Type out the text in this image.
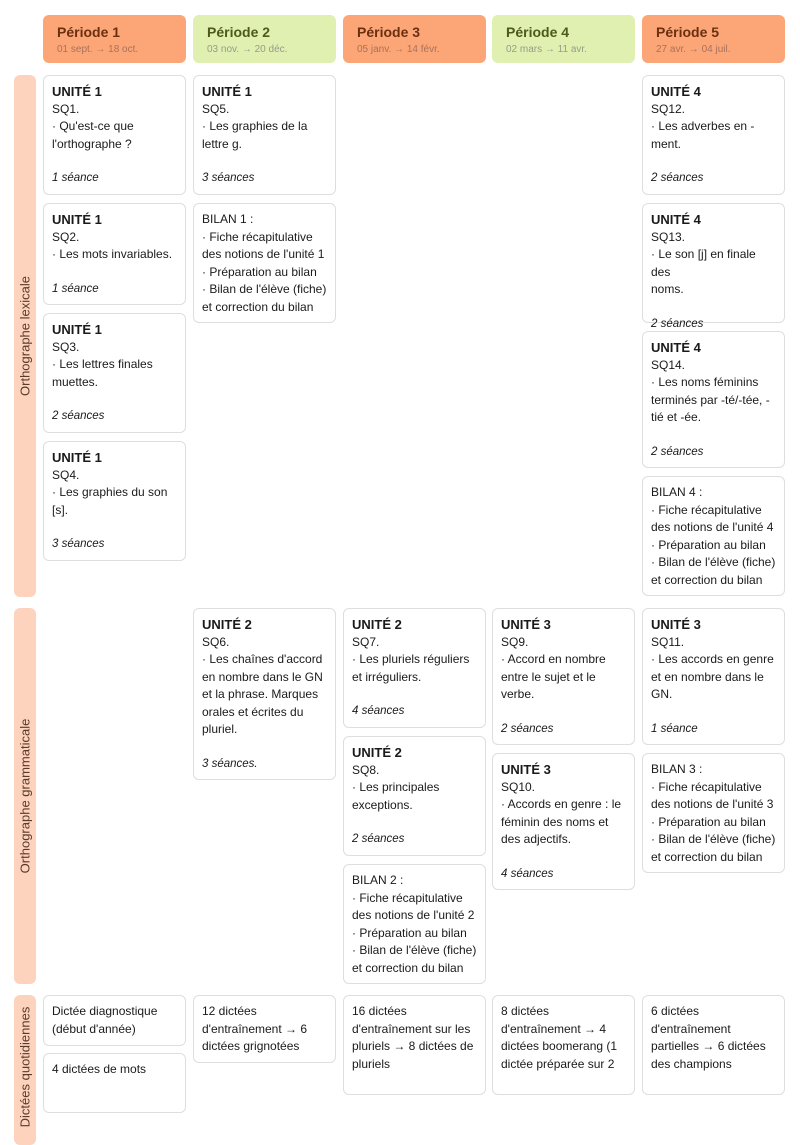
Période 1
01 sept. → 18 oct.
Période 2
03 nov. → 20 déc.
Période 3
05 janv. → 14 févr.
Période 4
02 mars → 11 avr.
Période 5
27 avr. → 04 juil.
Orthographe lexicale
Orthographe grammaticale
Dictées quotidiennes
UNITÉ 1
SQ1.
· Qu'est-ce que
l'orthographe ?
1 séance
UNITÉ 1
SQ2.
· Les mots invariables.
1 séance
UNITÉ 1
SQ3.
· Les lettres finales
muettes.
2 séances
UNITÉ 1
SQ4.
· Les graphies du son
[s].
3 séances
UNITÉ 1
SQ5.
· Les graphies de la
lettre g.
3 séances
BILAN 1 :
· Fiche récapitulative
des notions de l'unité 1
· Préparation au bilan
· Bilan de l'élève (fiche)
et correction du bilan
UNITÉ 4
SQ12.
· Les adverbes en -
ment.
2 séances
UNITÉ 4
SQ13.
· Le son [j] en finale des
noms.
2 séances
UNITÉ 4
SQ14.
· Les noms féminins
terminés par -té/-tée, -
tié et -ée.
2 séances
BILAN 4 :
· Fiche récapitulative
des notions de l'unité 4
· Préparation au bilan
· Bilan de l'élève (fiche)
et correction du bilan
UNITÉ 2
SQ6.
· Les chaînes d'accord
en nombre dans le GN
et la phrase. Marques
orales et écrites du
pluriel.
3 séances.
UNITÉ 2
SQ7.
· Les pluriels réguliers
et irréguliers.
4 séances
UNITÉ 2
SQ8.
· Les principales
exceptions.
2 séances
BILAN 2 :
· Fiche récapitulative
des notions de l'unité 2
· Préparation au bilan
· Bilan de l'élève (fiche)
et correction du bilan
UNITÉ 3
SQ9.
· Accord en nombre
entre le sujet et le
verbe.
2 séances
UNITÉ 3
SQ10.
· Accords en genre : le
féminin des noms et
des adjectifs.
4 séances
UNITÉ 3
SQ11.
· Les accords en genre
et en nombre dans le
GN.
1 séance
BILAN 3 :
· Fiche récapitulative
des notions de l'unité 3
· Préparation au bilan
· Bilan de l'élève (fiche)
et correction du bilan
Dictée diagnostique
(début d'année)
4 dictées de mots
12 dictées
d'entraînement → 6
dictées grignotées
16 dictées
d'entraînement sur les
pluriels → 8 dictées de
pluriels
8 dictées
d'entraînement → 4
dictées boomerang (1
dictée préparée sur 2
6 dictées
d'entraînement
partielles → 6 dictées
des champions
